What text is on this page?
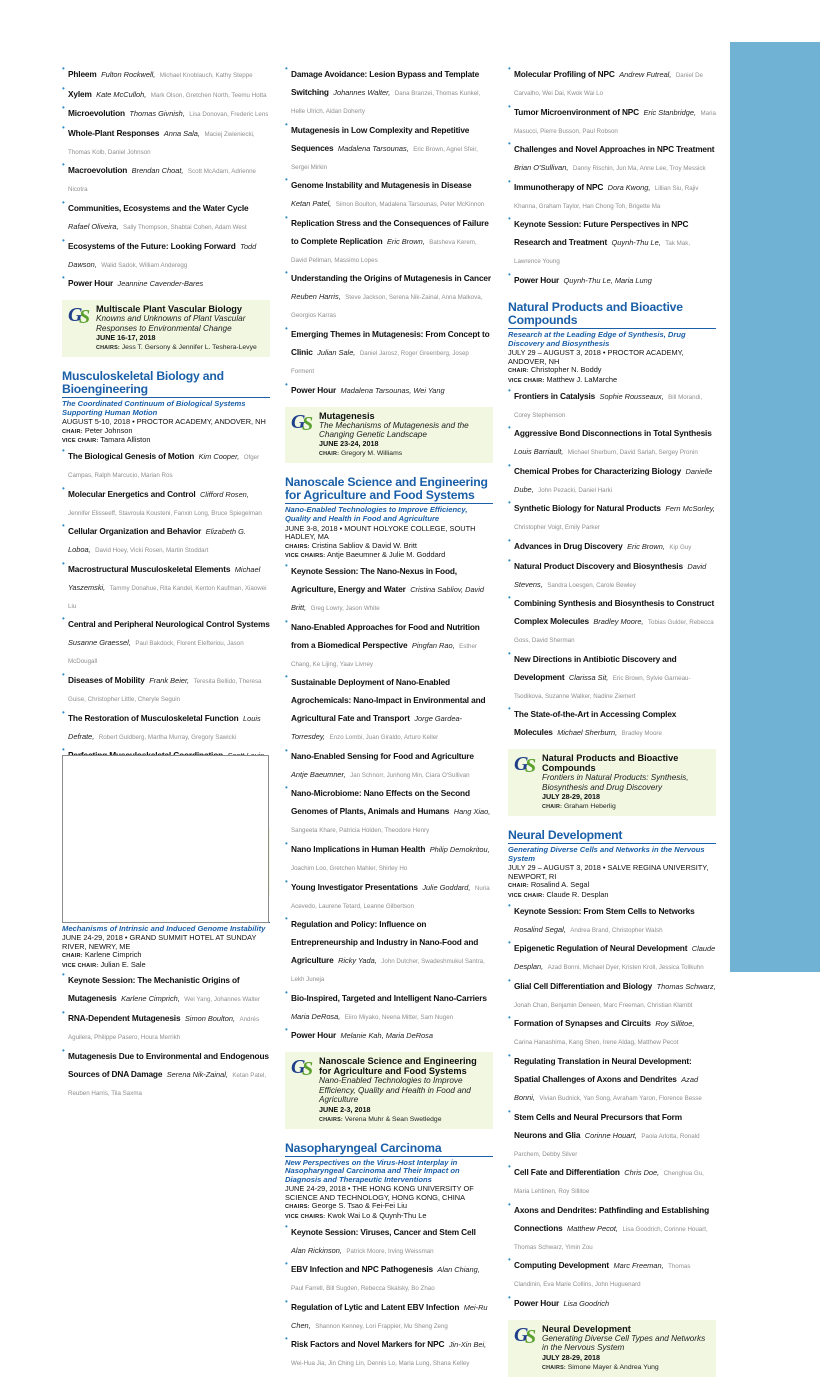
• Phleem Fulton Rockwell, Michael Knoblauch, Kathy Steppe
• Xylem Kate McCulloh, Mark Olson, Gretchen North, Teemu Hotta
• Microevolution Thomas Givnish, Lisa Donovan, Frederic Lens
• Whole-Plant Responses Anna Sala, Maciej Zwieniecki, Thomas Kolb, Daniel Johnson
• Macroevolution Brendan Choat, Scott McAdam, Adrienne Nicotra
• Communities, Ecosystems and the Water Cycle Rafael Oliveira, Sally Thompson, Shabtai Cohen, Adam West
• Ecosystems of the Future: Looking Forward Todd Dawson, Walid Sadok, William Anderegg
• Power Hour Jeannine Cavender-Bares
G
S Multiscale Plant Vascular Biology
Knowns and Unknowns of Plant Vascular Responses to Environmental Change
JUNE 16-17, 2018
CHAIRS: Jess T. Gersony & Jennifer L. Teshera-Levye
Musculoskeletal Biology and Bioengineering
The Coordinated Continuum of Biological Systems Supporting Human Motion
AUGUST 5-10, 2018 • PROCTOR ACADEMY, ANDOVER, NH
CHAIR: Peter Johnson
VICE CHAIR: Tamara Alliston
• The Biological Genesis of Motion Kim Cooper, Ofger Campas, Ralph Marcucio, Marian Ros
• Molecular Energetics and Control Clifford Rosen, Jennifer Elisseeff, Stavroula Kousteni, Fanxin Long, Bruce Spiegelman
• Cellular Organization and Behavior Elizabeth G. Loboa, David Hoey, Vicki Rosen, Martin Stoddart
• Macrostructural Musculoskeletal Elements Michael Yaszemski, Tammy Donahue, Rita Kandel, Kenton Kaufman, Xiaowei Liu
• Central and Peripheral Neurological Control Systems Susanne Graessel, Paul Bakdock, Florent Elefteriou, Jason McDougall
• Diseases of Mobility Frank Beier, Teresita Bellido, Theresa Guise, Christopher Little, Cheryle Seguin
• The Restoration of Musculoskeletal Function Louis Defrate, Robert Guldberg, Martha Murray, Gregory Sawicki
•
•
Mechanisms of Intrinsic and Induced Genome Instability
JUNE 24-29, 2018 • GRAND SUMMIT HOTEL AT SUNDAY RIVER, NEWRY, ME
CHAIR: Karlene Cimprich
VICE CHAIR: Julian E. Sale
• Keynote Session: The Mechanistic Origins of Mutagenesis Karlene Cimprich, Wei Yang, Johannes Walter
• RNA-Dependent Mutagenesis Simon Boulton, Andrés Aguilera, Philippe Pasero, Houra Merrikh
• Mutagenesis Due to Environmental and Endogenous Sources of DNA Damage Serena Nik-Zainal, Ketan Patel, Reuben Harris, Tila Saxma
• Damage Avoidance: Lesion Bypass and Template Switching Johannes Walter, Dana Branzei, Thomas Kunkel, Helle Ulrich, Aidan Doherty
• Mutagenesis in Low Complexity and Repetitive Sequences Madalena Tarsounas, Eric Brown, Agnel Sfeir, Sergei Mirkin
• Genome Instability and Mutagenesis in Disease Ketan Patel, Simon Boulton, Madalena Tarsounas, Peter McKinnon
• Replication Stress and the Consequences of Failure to Complete Replication Eric Brown, Batsheva Kerem, David Pellman, Massimo Lopes
• Understanding the Origins of Mutagenesis in Cancer Reuben Harris, Steve Jackson, Serena Nik-Zainal, Anna Malkova, Georgios Karras
• Emerging Themes in Mutagenesis: From Concept to Clinic Julian Sale, Daniel Jarosz, Roger Greenberg, Josep Forment
• Power Hour Madalena Tarsounas, Wei Yang
G
S Mutagenesis
The Mechanisms of Mutagenesis and the Changing Genetic Landscape
JUNE 23-24, 2018
CHAIR: Gregory M. Williams
Nanoscale Science and Engineering for Agriculture and Food Systems
Nano-Enabled Technologies to Improve Efficiency, Quality and Health in Food and Agriculture
JUNE 3-8, 2018 • MOUNT HOLYOKE COLLEGE, SOUTH HADLEY, MA
CHAIRS: Cristina Sabliov & David W. Britt
VICE CHAIRS: Antje Baeumner & Julie M. Goddard
• Keynote Session: The Nano-Nexus in Food, Agriculture, Energy and Water Cristina Sabliov, David Britt, Greg Lowry, Jason White
• Nano-Enabled Approaches for Food and Nutrition from a Biomedical Perspective Pingfan Rao, Esther Chang, Ke Lijing, Yaav Livney
• Sustainable Deployment of Nano-Enabled Agrochemicals: Nano-Impact in Environmental and Agricultural Fate and Transport Jorge Gardea-Torresdey, Enzo Lombi, Juan Giraldo, Arturo Keller
• Nano-Enabled Sensing for Food and Agriculture Antje Baeumner, Jan Schnorr, Junhong Min, Ciara O'Sullivan
• Nano-Microbiome: Nano Effects on the Second Genomes of Plants, Animals and Humans Hang Xiao, Sangeeta Khare, Patricia Holden, Theodore Henry
• Nano Implications in Human Health Philip Demokritou, Joachim Loo, Gretchen Mahler, Shirley Ho
• Young Investigator Presentations Julie Goddard, Nuria Acevedo, Laurene Tetard, Leanne Gilbertson
• Regulation and Policy: Influence on Entrepreneurship and Industry in Nano-Food and Agriculture Ricky Yada, John Dutcher, Swadeshmukul Santra, Lekh Juneja
• Bio-Inspired, Targeted and Intelligent Nano-Carriers Maria DeRosa, Eiiro Miyako, Neena Mitter, Sam Nugen
• Power Hour Melanie Kah, Maria DeRosa
G
S Nanoscale Science and Engineering for Agriculture and Food Systems
Nano-Enabled Technologies to Improve Efficiency, Quality and Health in Food and Agriculture
JUNE 2-3, 2018
CHAIRS: Verena Muhr & Sean Swetledge
Nasopharyngeal Carcinoma
New Perspectives on the Virus-Host Interplay in Nasopharyngeal Carcinoma and Their Impact on Diagnosis and Therapeutic Interventions
JUNE 24-29, 2018 • THE HONG KONG UNIVERSITY OF SCIENCE AND TECHNOLOGY, HONG KONG, CHINA
CHAIRS: George S. Tsao & Fei-Fei Liu
VICE CHAIRS: Kwok Wai Lo & Quynh-Thu Le
• Keynote Session: Viruses, Cancer and Stem Cell Alan Rickinson, Patrick Moore, Irving Weissman
• EBV Infection and NPC Pathogenesis Alan Chiang, Paul Farrell, Bill Sugden, Rebecca Skalsky, Bo Zhao
• Regulation of Lytic and Latent EBV Infection Mei-Ru Chen, Shannon Kenney, Lori Frappier, Mu Sheng Zeng
• Risk Factors and Novel Markers for NPC Jin-Xin Bei, Wei-Hua Jia, Jin Ching Lin, Dennis Lo, Maria Lung, Shana Kelley
• Molecular Profiling of NPC Andrew Futreal, Daniel De Carvalho, Wei Dai, Kwok Wai Lo
• Tumor Microenvironment of NPC Eric Stanbridge, Maria Masucci, Pierre Busson, Paul Robson
• Challenges and Novel Approaches in NPC Treatment Brian O'Sullivan, Danny Rischin, Jun Ma, Anne Lee, Troy Messick
• Immunotherapy of NPC Dora Kwong, Lillian Siu, Rajiv Khanna, Graham Taylor, Han Chong Toh, Brigette Ma
• Keynote Session: Future Perspectives in NPC Research and Treatment Quynh-Thu Le, Tak Mak, Lawrence Young
• Power Hour Quynh-Thu Le, Maria Lung
Natural Products and Bioactive Compounds
Research at the Leading Edge of Synthesis, Drug Discovery and Biosynthesis
JULY 29 – AUGUST 3, 2018 • PROCTOR ACADEMY, ANDOVER, NH
CHAIR: Christopher N. Boddy
VICE CHAIR: Matthew J. LaMarche
• Frontiers in Catalysis Sophie Rousseaux, Bill Morandi, Corey Stephenson
• Aggressive Bond Disconnections in Total Synthesis Louis Barriault, Michael Sherburn, David Sarlah, Sergey Pronin
• Chemical Probes for Characterizing Biology Danielle Dube, John Pezacki, Daniel Harki
• Synthetic Biology for Natural Products Fern McSorley, Christopher Voigt, Emily Parker
• Advances in Drug Discovery Eric Brown, Kip Guy
• Natural Product Discovery and Biosynthesis David Stevens, Sandra Loesgen, Carole Bewley
• Combining Synthesis and Biosynthesis to Construct Complex Molecules Bradley Moore, Tobias Gulder, Rebecca Goss, David Sherman
• New Directions in Antibiotic Discovery and Development Clarissa Sit, Eric Brown, Sylvie Garneau-Tsodikova, Suzanne Walker, Nadine Ziemert
• The State-of-the-Art in Accessing Complex Molecules Michael Sherburn, Bradley Moore
G
S Natural Products and Bioactive Compounds
Frontiers in Natural Products: Synthesis, Biosynthesis and Drug Discovery
JULY 28-29, 2018
CHAIR: Graham Heberlig
Neural Development
Generating Diverse Cells and Networks in the Nervous System
JULY 29 – AUGUST 3, 2018 • SALVE REGINA UNIVERSITY, NEWPORT, RI
CHAIR: Rosalind A. Segal
VICE CHAIR: Claude R. Desplan
• Keynote Session: From Stem Cells to Networks Rosalind Segal, Andrea Brand, Christopher Walsh
• Epigenetic Regulation of Neural Development Claude Desplan, Azad Bonni, Michael Dyer, Kristen Kroll, Jessica Tollkuhn
• Glial Cell Differentiation and Biology Thomas Schwarz, Jonah Chan, Benjamin Deneen, Marc Freeman, Christian Klambt
• Formation of Synapses and Circuits Roy Sillitoe, Carina Hanashima, Kang Shen, Irene Aldag, Matthew Pecot
• Regulating Translation in Neural Development: Spatial Challenges of Axons and Dendrites Azad Bonni, Vivian Budnick, Yan Song, Avraham Yaron, Florence Besse
• Stem Cells and Neural Precursors that Form Neurons and Glia Corinne Houart, Paola Arlotta, Ronald Parchem, Debby Silver
• Cell Fate and Differentiation Chris Doe, Chenghua Gu, Maria Lehtinen, Roy Sillitoe
• Axons and Dendrites: Pathfinding and Establishing Connections Matthew Pecot, Lisa Goodrich, Corinne Houart, Thomas Schwarz, Yimin Zou
• Computing Development Marc Freeman, Thomas Clandinin, Eva Marie Collins, John Huguenard
• Power Hour Lisa Goodrich
G
S Neural Development
Generating Diverse Cell Types and Networks in the Nervous System
JULY 28-29, 2018
CHAIRS: Simone Mayer & Andrea Yung
